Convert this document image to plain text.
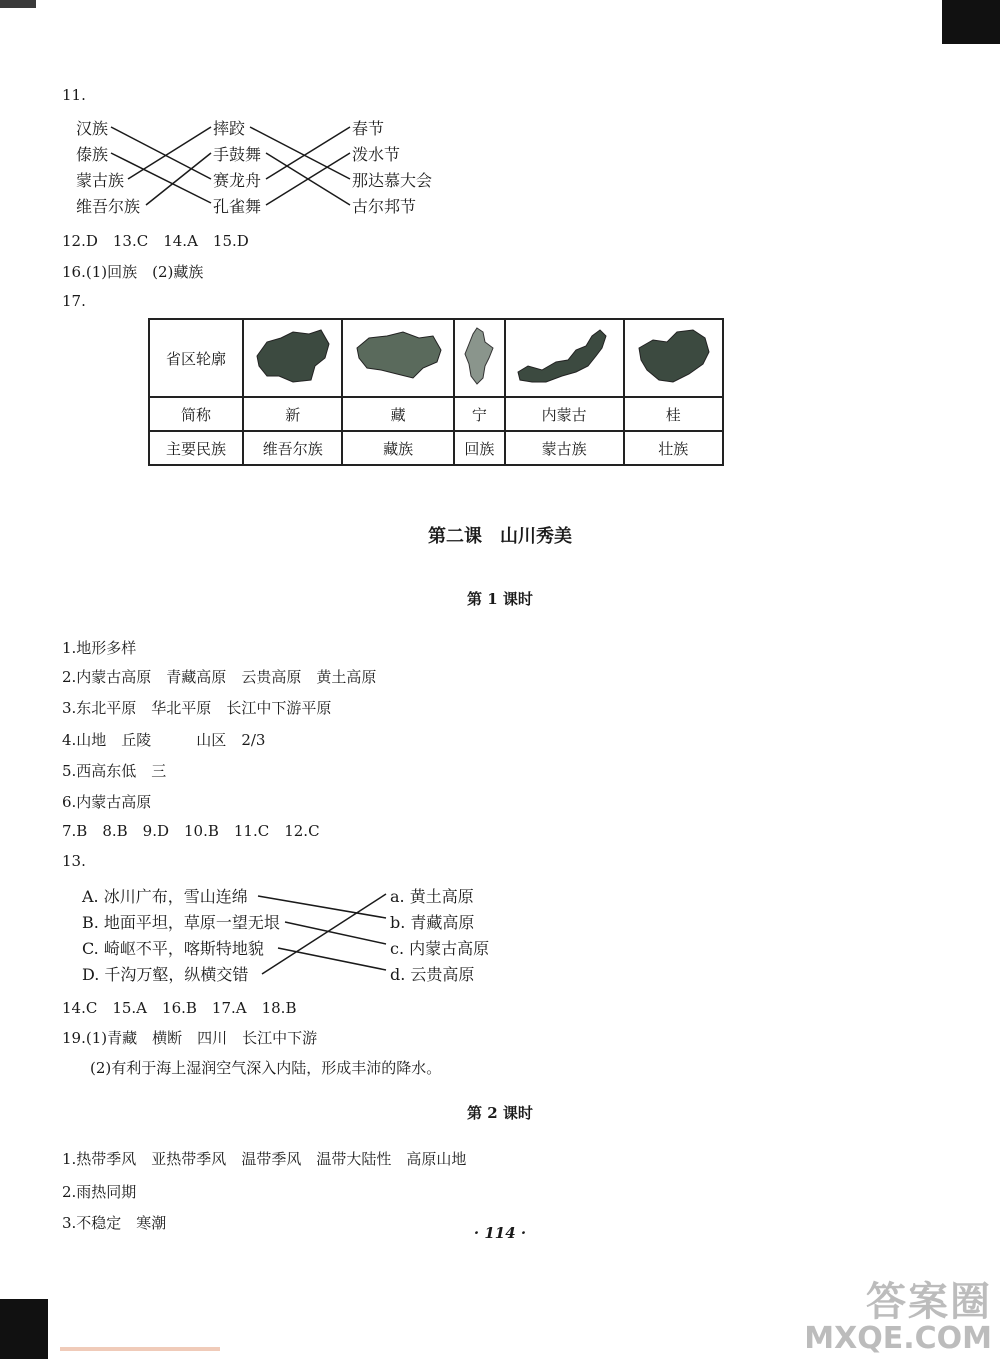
11.
汉族
傣族
蒙古族
维吾尔族
摔跤
手鼓舞
赛龙舟
孔雀舞
春节
泼水节
那达慕大会
古尔邦节
12.D　13.C　14.A　15.D
16.(1)回族　(2)藏族
17.
省区轮廓					
简称	新	藏	宁	内蒙古	桂
主要民族	维吾尔族	藏族	回族	蒙古族	壮族
第二课　山川秀美
第 1 课时
1.地形多样
2.内蒙古高原　青藏高原　云贵高原　黄土高原
3.东北平原　华北平原　长江中下游平原
4.山地　丘陵　　　山区　2/3
5.西高东低　三
6.内蒙古高原
7.B　8.B　9.D　10.B　11.C　12.C
13.
A. 冰川广布，雪山连绵
B. 地面平坦，草原一望无垠
C. 崎岖不平，喀斯特地貌
D. 千沟万壑，纵横交错
a. 黄土高原
b. 青藏高原
c. 内蒙古高原
d. 云贵高原
14.C　15.A　16.B　17.A　18.B
19.(1)青藏　横断　四川　长江中下游
(2)有利于海上湿润空气深入内陆，形成丰沛的降水。
第 2 课时
1.热带季风　亚热带季风　温带季风　温带大陆性　高原山地
2.雨热同期
3.不稳定　寒潮
· 114 ·
答案圈
MXQE.COM
